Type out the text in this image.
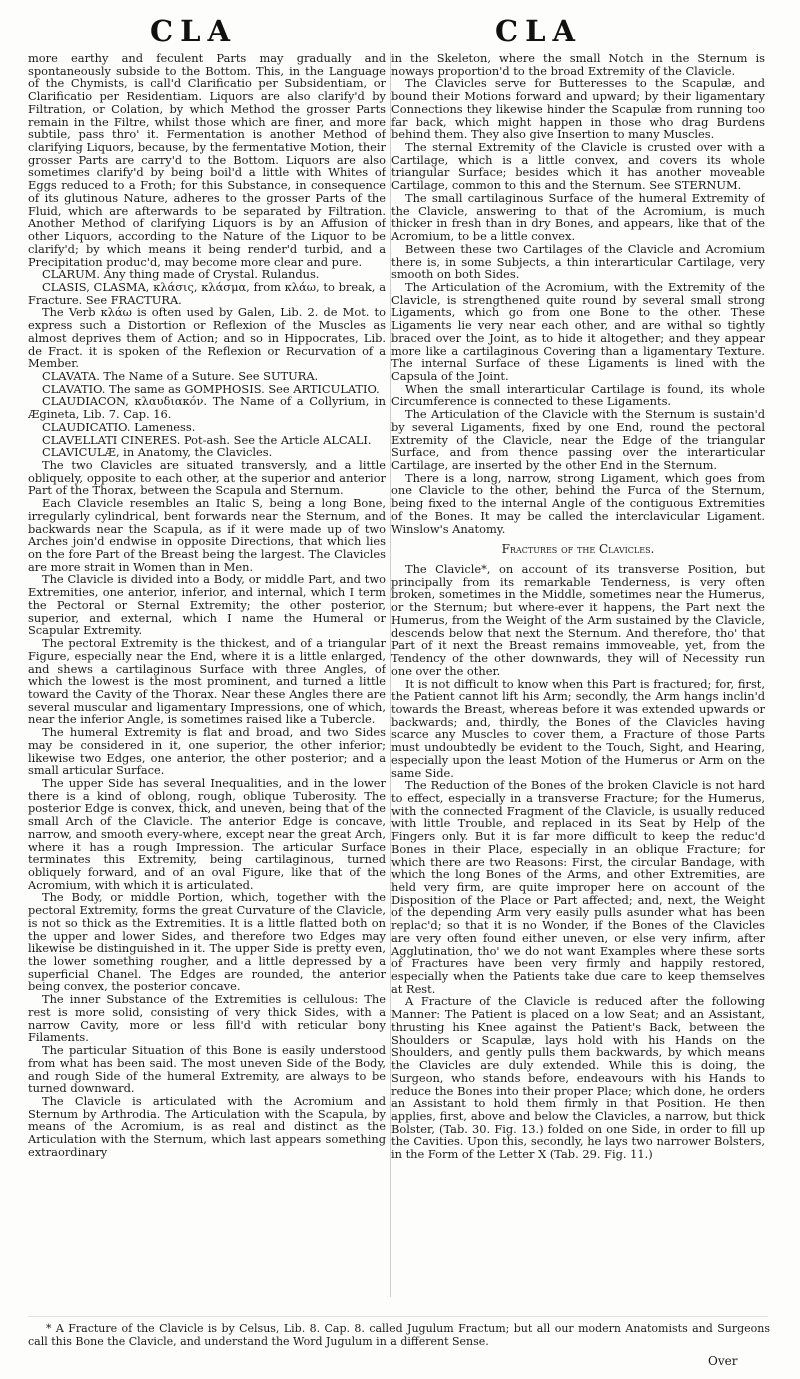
CLA	CLA

more earthy and feculent Parts may gradually and spontaneously subside to the Bottom. This, in the Language of the Chymists, is call'd Clarificatio per Subsidentiam, or Clarificatio per Residentiam. Liquors are also clarify'd by Filtration, or Colation, by which Method the grosser Parts remain in the Filtre, whilst those which are finer, and more subtile, pass thro' it. Fermentation is another Method of clarifying Liquors, because, by the fermentative Motion, their grosser Parts are carry'd to the Bottom. Liquors are also sometimes clarify'd by being boil'd a little with Whites of Eggs reduced to a Froth; for this Substance, in consequence of its glutinous Nature, adheres to the grosser Parts of the Fluid, which are afterwards to be separated by Filtration. Another Method of clarifying Liquors is by an Affusion of other Liquors, according to the Nature of the Liquor to be clarify'd; by which means it being render'd turbid, and a Precipitation produc'd, may become more clear and pure.

CLARUM. Any thing made of Crystal. Rulandus.

CLASIS, CLASMA, κλάσις, κλάσμα, from κλάω, to break, a Fracture. See FRACTURA.

The Verb κλάω is often used by Galen, Lib. 2. de Mot. to express such a Distortion or Reflexion of the Muscles as almost deprives them of Action; and so in Hippocrates, Lib. de Fract. it is spoken of the Reflexion or Recurvation of a Member.

CLAVATA. The Name of a Suture. See SUTURA.

CLAVATIO. The same as GOMPHOSIS. See ARTICULATIO.

CLAUDIACON, κλαυδιακόν. The Name of a Collyrium, in Ægineta, Lib. 7. Cap. 16.

CLAUDICATIO. Lameness.

CLAVELLATI CINERES. Pot-ash. See the Article ALCALI.

CLAVICULÆ, in Anatomy, the Clavicles.

The two Clavicles are situated transversly, and a little obliquely, opposite to each other, at the superior and anterior Part of the Thorax, between the Scapula and Sternum.

Each Clavicle resembles an Italic S, being a long Bone, irregularly cylindrical, bent forwards near the Sternum, and backwards near the Scapula, as if it were made up of two Arches join'd endwise in opposite Directions, that which lies on the fore Part of the Breast being the largest. The Clavicles are more strait in Women than in Men.

The Clavicle is divided into a Body, or middle Part, and two Extremities, one anterior, inferior, and internal, which I term the Pectoral or Sternal Extremity; the other posterior, superior, and external, which I name the Humeral or Scapular Extremity.

The pectoral Extremity is the thickest, and of a triangular Figure, especially near the End, where it is a little enlarged, and shews a cartilaginous Surface with three Angles, of which the lowest is the most prominent, and turned a little toward the Cavity of the Thorax. Near these Angles there are several muscular and ligamentary Impressions, one of which, near the inferior Angle, is sometimes raised like a Tubercle.

The humeral Extremity is flat and broad, and two Sides may be considered in it, one superior, the other inferior; likewise two Edges, one anterior, the other posterior; and a small articular Surface.

The upper Side has several Inequalities, and in the lower there is a kind of oblong, rough, oblique Tuberosity. The posterior Edge is convex, thick, and uneven, being that of the small Arch of the Clavicle. The anterior Edge is concave, narrow, and smooth every-where, except near the great Arch, where it has a rough Impression. The articular Surface terminates this Extremity, being cartilaginous, turned obliquely forward, and of an oval Figure, like that of the Acromium, with which it is articulated.

The Body, or middle Portion, which, together with the pectoral Extremity, forms the great Curvature of the Clavicle, is not so thick as the Extremities. It is a little flatted both on the upper and lower Sides, and therefore two Edges may likewise be distinguished in it. The upper Side is pretty even, the lower something rougher, and a little depressed by a superficial Chanel. The Edges are rounded, the anterior being convex, the posterior concave.

The inner Substance of the Extremities is cellulous: The rest is more solid, consisting of very thick Sides, with a narrow Cavity, more or less fill'd with reticular bony Filaments.

The particular Situation of this Bone is easily understood from what has been said. The most uneven Side of the Body, and rough Side of the humeral Extremity, are always to be turned downward.

The Clavicle is articulated with the Acromium and Sternum by Arthrodia. The Articulation with the Scapula, by means of the Acromium, is as real and distinct as the Articulation with the Sternum, which last appears something extraordinary

in the Skeleton, where the small Notch in the Sternum is noways proportion'd to the broad Extremity of the Clavicle.

The Clavicles serve for Butteresses to the Scapulæ, and bound their Motions forward and upward; by their ligamentary Connections they likewise hinder the Scapulæ from running too far back, which might happen in those who drag Burdens behind them. They also give Insertion to many Muscles.

The sternal Extremity of the Clavicle is crusted over with a Cartilage, which is a little convex, and covers its whole triangular Surface; besides which it has another moveable Cartilage, common to this and the Sternum. See STERNUM.

The small cartilaginous Surface of the humeral Extremity of the Clavicle, answering to that of the Acromium, is much thicker in fresh than in dry Bones, and appears, like that of the Acromium, to be a little convex.

Between these two Cartilages of the Clavicle and Acromium there is, in some Subjects, a thin interarticular Cartilage, very smooth on both Sides.

The Articulation of the Acromium, with the Extremity of the Clavicle, is strengthened quite round by several small strong Ligaments, which go from one Bone to the other. These Ligaments lie very near each other, and are withal so tightly braced over the Joint, as to hide it altogether; and they appear more like a cartilaginous Covering than a ligamentary Texture. The internal Surface of these Ligaments is lined with the Capsula of the Joint.

When the small interarticular Cartilage is found, its whole Circumference is connected to these Ligaments.

The Articulation of the Clavicle with the Sternum is sustain'd by several Ligaments, fixed by one End, round the pectoral Extremity of the Clavicle, near the Edge of the triangular Surface, and from thence passing over the interarticular Cartilage, are inserted by the other End in the Sternum.

There is a long, narrow, strong Ligament, which goes from one Clavicle to the other, behind the Furca of the Sternum, being fixed to the internal Angle of the contiguous Extremities of the Bones. It may be called the interclavicular Ligament. Winslow's Anatomy.

Fractures of the Clavicles.

The Clavicle*, on account of its transverse Position, but principally from its remarkable Tenderness, is very often broken, sometimes in the Middle, sometimes near the Humerus, or the Sternum; but where-ever it happens, the Part next the Humerus, from the Weight of the Arm sustained by the Clavicle, descends below that next the Sternum. And therefore, tho' that Part of it next the Breast remains immoveable, yet, from the Tendency of the other downwards, they will of Necessity run one over the other.

It is not difficult to know when this Part is fractured; for, first, the Patient cannot lift his Arm; secondly, the Arm hangs inclin'd towards the Breast, whereas before it was extended upwards or backwards; and, thirdly, the Bones of the Clavicles having scarce any Muscles to cover them, a Fracture of those Parts must undoubtedly be evident to the Touch, Sight, and Hearing, especially upon the least Motion of the Humerus or Arm on the same Side.

The Reduction of the Bones of the broken Clavicle is not hard to effect, especially in a transverse Fracture; for the Humerus, with the connected Fragment of the Clavicle, is usually reduced with little Trouble, and replaced in its Seat by Help of the Fingers only. But it is far more difficult to keep the reduc'd Bones in their Place, especially in an oblique Fracture; for which there are two Reasons: First, the circular Bandage, with which the long Bones of the Arms, and other Extremities, are held very firm, are quite improper here on account of the Disposition of the Place or Part affected; and, next, the Weight of the depending Arm very easily pulls asunder what has been replac'd; so that it is no Wonder, if the Bones of the Clavicles are very often found either uneven, or else very infirm, after Agglutination, tho' we do not want Examples where these sorts of Fractures have been very firmly and happily restored, especially when the Patients take due care to keep themselves at Rest.

A Fracture of the Clavicle is reduced after the following Manner: The Patient is placed on a low Seat; and an Assistant, thrusting his Knee against the Patient's Back, between the Shoulders or Scapulæ, lays hold with his Hands on the Shoulders, and gently pulls them backwards, by which means the Clavicles are duly extended. While this is doing, the Surgeon, who stands before, endeavours with his Hands to reduce the Bones into their proper Place; which done, he orders an Assistant to hold them firmly in that Position. He then applies, first, above and below the Clavicles, a narrow, but thick Bolster, (Tab. 30. Fig. 13.) folded on one Side, in order to fill up the Cavities. Upon this, secondly, he lays two narrower Bolsters, in the Form of the Letter X (Tab. 29. Fig. 11.)

* A Fracture of the Clavicle is by Celsus, Lib. 8. Cap. 8. called Jugulum Fractum; but all our modern Anatomists and Surgeons call this Bone the Clavicle, and understand the Word Jugulum in a different Sense.

Over
